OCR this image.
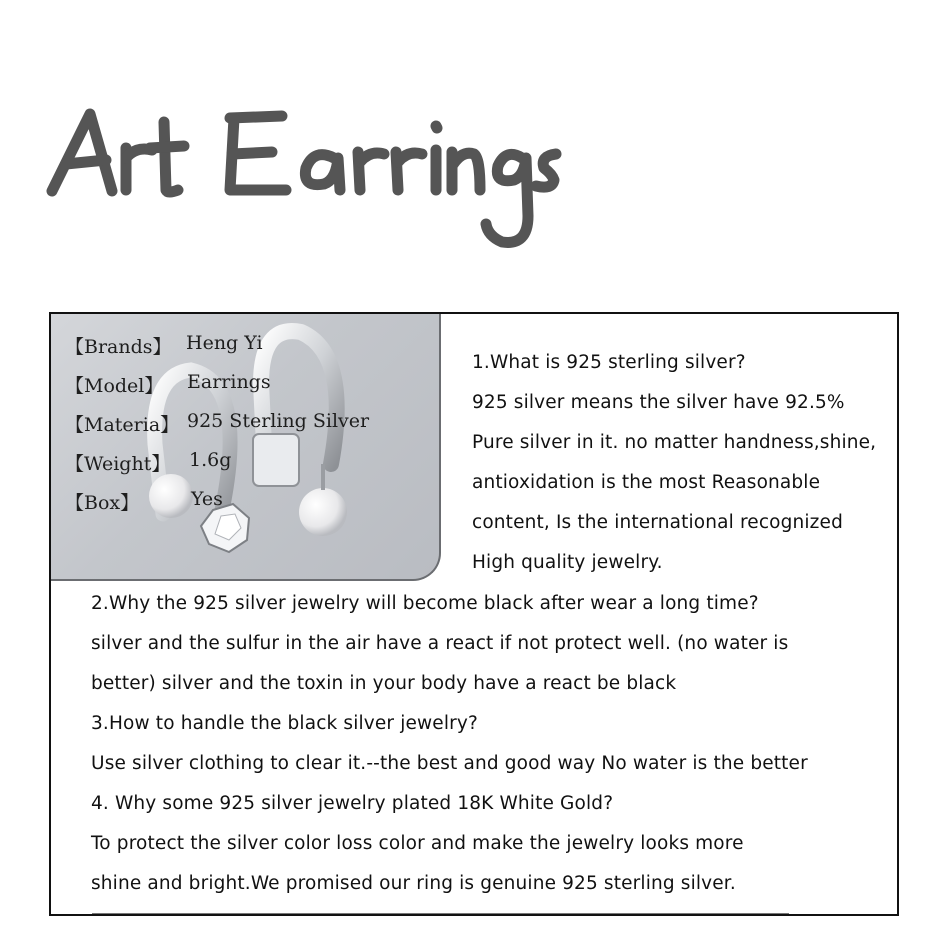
【Brands】 Heng Yi
【Model】 Earrings
【Materia】 925 Sterling Silver
【Weight】 1.6g
【Box】	Yes
1.What is 925 sterling silver?
925 silver means the silver have 92.5%
Pure silver in it. no matter handness,shine,
antioxidation is the most Reasonable
content, Is the international recognized
High quality jewelry.
2.Why the 925 silver jewelry will become black after wear a long time?
silver and the sulfur in the air have a react if not protect well. (no water is
better) silver and the toxin in your body have a react be black
3.How to handle the black silver jewelry?
Use silver clothing to clear it.--the best and good way No water is the better
4. Why some 925 silver jewelry plated 18K White Gold?
To protect the silver color loss color and make the jewelry looks more
shine and bright.We promised our ring is genuine 925 sterling silver.
